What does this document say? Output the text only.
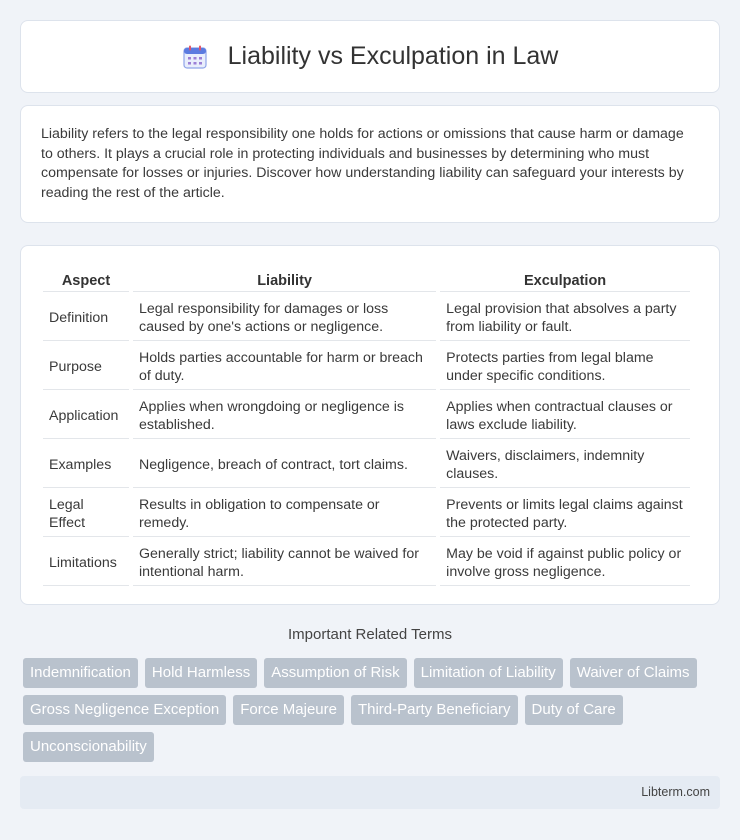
Liability vs Exculpation in Law

Liability refers to the legal responsibility one holds for actions or omissions that cause harm or damage to others. It plays a crucial role in protecting individuals and businesses by determining who must compensate for losses or injuries. Discover how understanding liability can safeguard your interests by reading the rest of the article.

Aspect	Liability	Exculpation
Definition	Legal responsibility for damages or loss caused by one's actions or negligence.	Legal provision that absolves a party from liability or fault.
Purpose	Holds parties accountable for harm or breach of duty.	Protects parties from legal blame under specific conditions.
Application	Applies when wrongdoing or negligence is established.	Applies when contractual clauses or laws exclude liability.
Examples	Negligence, breach of contract, tort claims.	Waivers, disclaimers, indemnity clauses.
Legal Effect	Results in obligation to compensate or remedy.	Prevents or limits legal claims against the protected party.
Limitations	Generally strict; liability cannot be waived for intentional harm.	May be void if against public policy or involve gross negligence.
Important Related Terms
Indemnification	Hold Harmless	Assumption of Risk	Limitation of Liability	Waiver of Claims
Gross Negligence Exception	Force Majeure	Third-Party Beneficiary	Duty of Care
Unconscionability
Libterm.com
